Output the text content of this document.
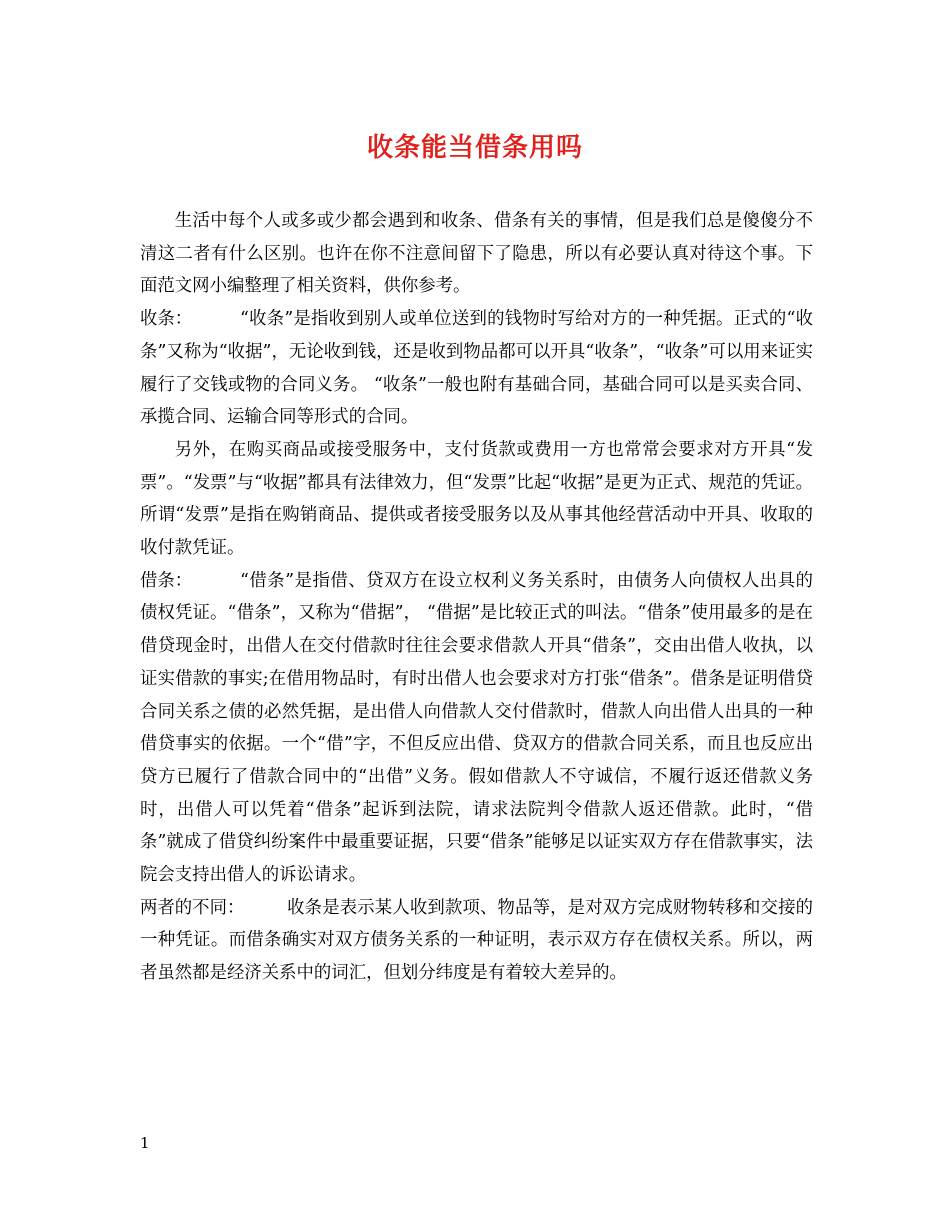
收条能当借条用吗

生活中每个人或多或少都会遇到和收条、借条有关的事情，但是我们总是傻傻分不清这二者有什么区别。也许在你不注意间留下了隐患，所以有必要认真对待这个事。下面范文网小编整理了相关资料，供你参考。

收条：	“收条”是指收到别人或单位送到的钱物时写给对方的一种凭据。正式的“收条”又称为“收据”，无论收到钱，还是收到物品都可以开具“收条”，“收条”可以用来证实履行了交钱或物的合同义务。 “收条”一般也附有基础合同，基础合同可以是买卖合同、承揽合同、运输合同等形式的合同。

另外，在购买商品或接受服务中，支付货款或费用一方也常常会要求对方开具“发票”。“发票”与“收据”都具有法律效力，但“发票”比起“收据”是更为正式、规范的凭证。所谓“发票”是指在购销商品、提供或者接受服务以及从事其他经营活动中开具、收取的收付款凭证。

借条：	“借条”是指借、贷双方在设立权利义务关系时，由债务人向债权人出具的债权凭证。“借条”，又称为“借据”， “借据”是比较正式的叫法。“借条”使用最多的是在借贷现金时，出借人在交付借款时往往会要求借款人开具“借条”，交由出借人收执，以证实借款的事实;在借用物品时，有时出借人也会要求对方打张“借条”。借条是证明借贷合同关系之债的必然凭据，是出借人向借款人交付借款时，借款人向出借人出具的一种借贷事实的依据。一个“借”字，不但反应出借、贷双方的借款合同关系，而且也反应出贷方已履行了借款合同中的“出借”义务。假如借款人不守诚信，不履行返还借款义务时，出借人可以凭着“借条”起诉到法院，请求法院判令借款人返还借款。此时，“借条”就成了借贷纠纷案件中最重要证据，只要“借条”能够足以证实双方存在借款事实，法院会支持出借人的诉讼请求。

两者的不同： 收条是表示某人收到款项、物品等，是对双方完成财物转移和交接的一种凭证。而借条确实对双方债务关系的一种证明，表示双方存在债权关系。所以，两者虽然都是经济关系中的词汇，但划分纬度是有着较大差异的。

1
